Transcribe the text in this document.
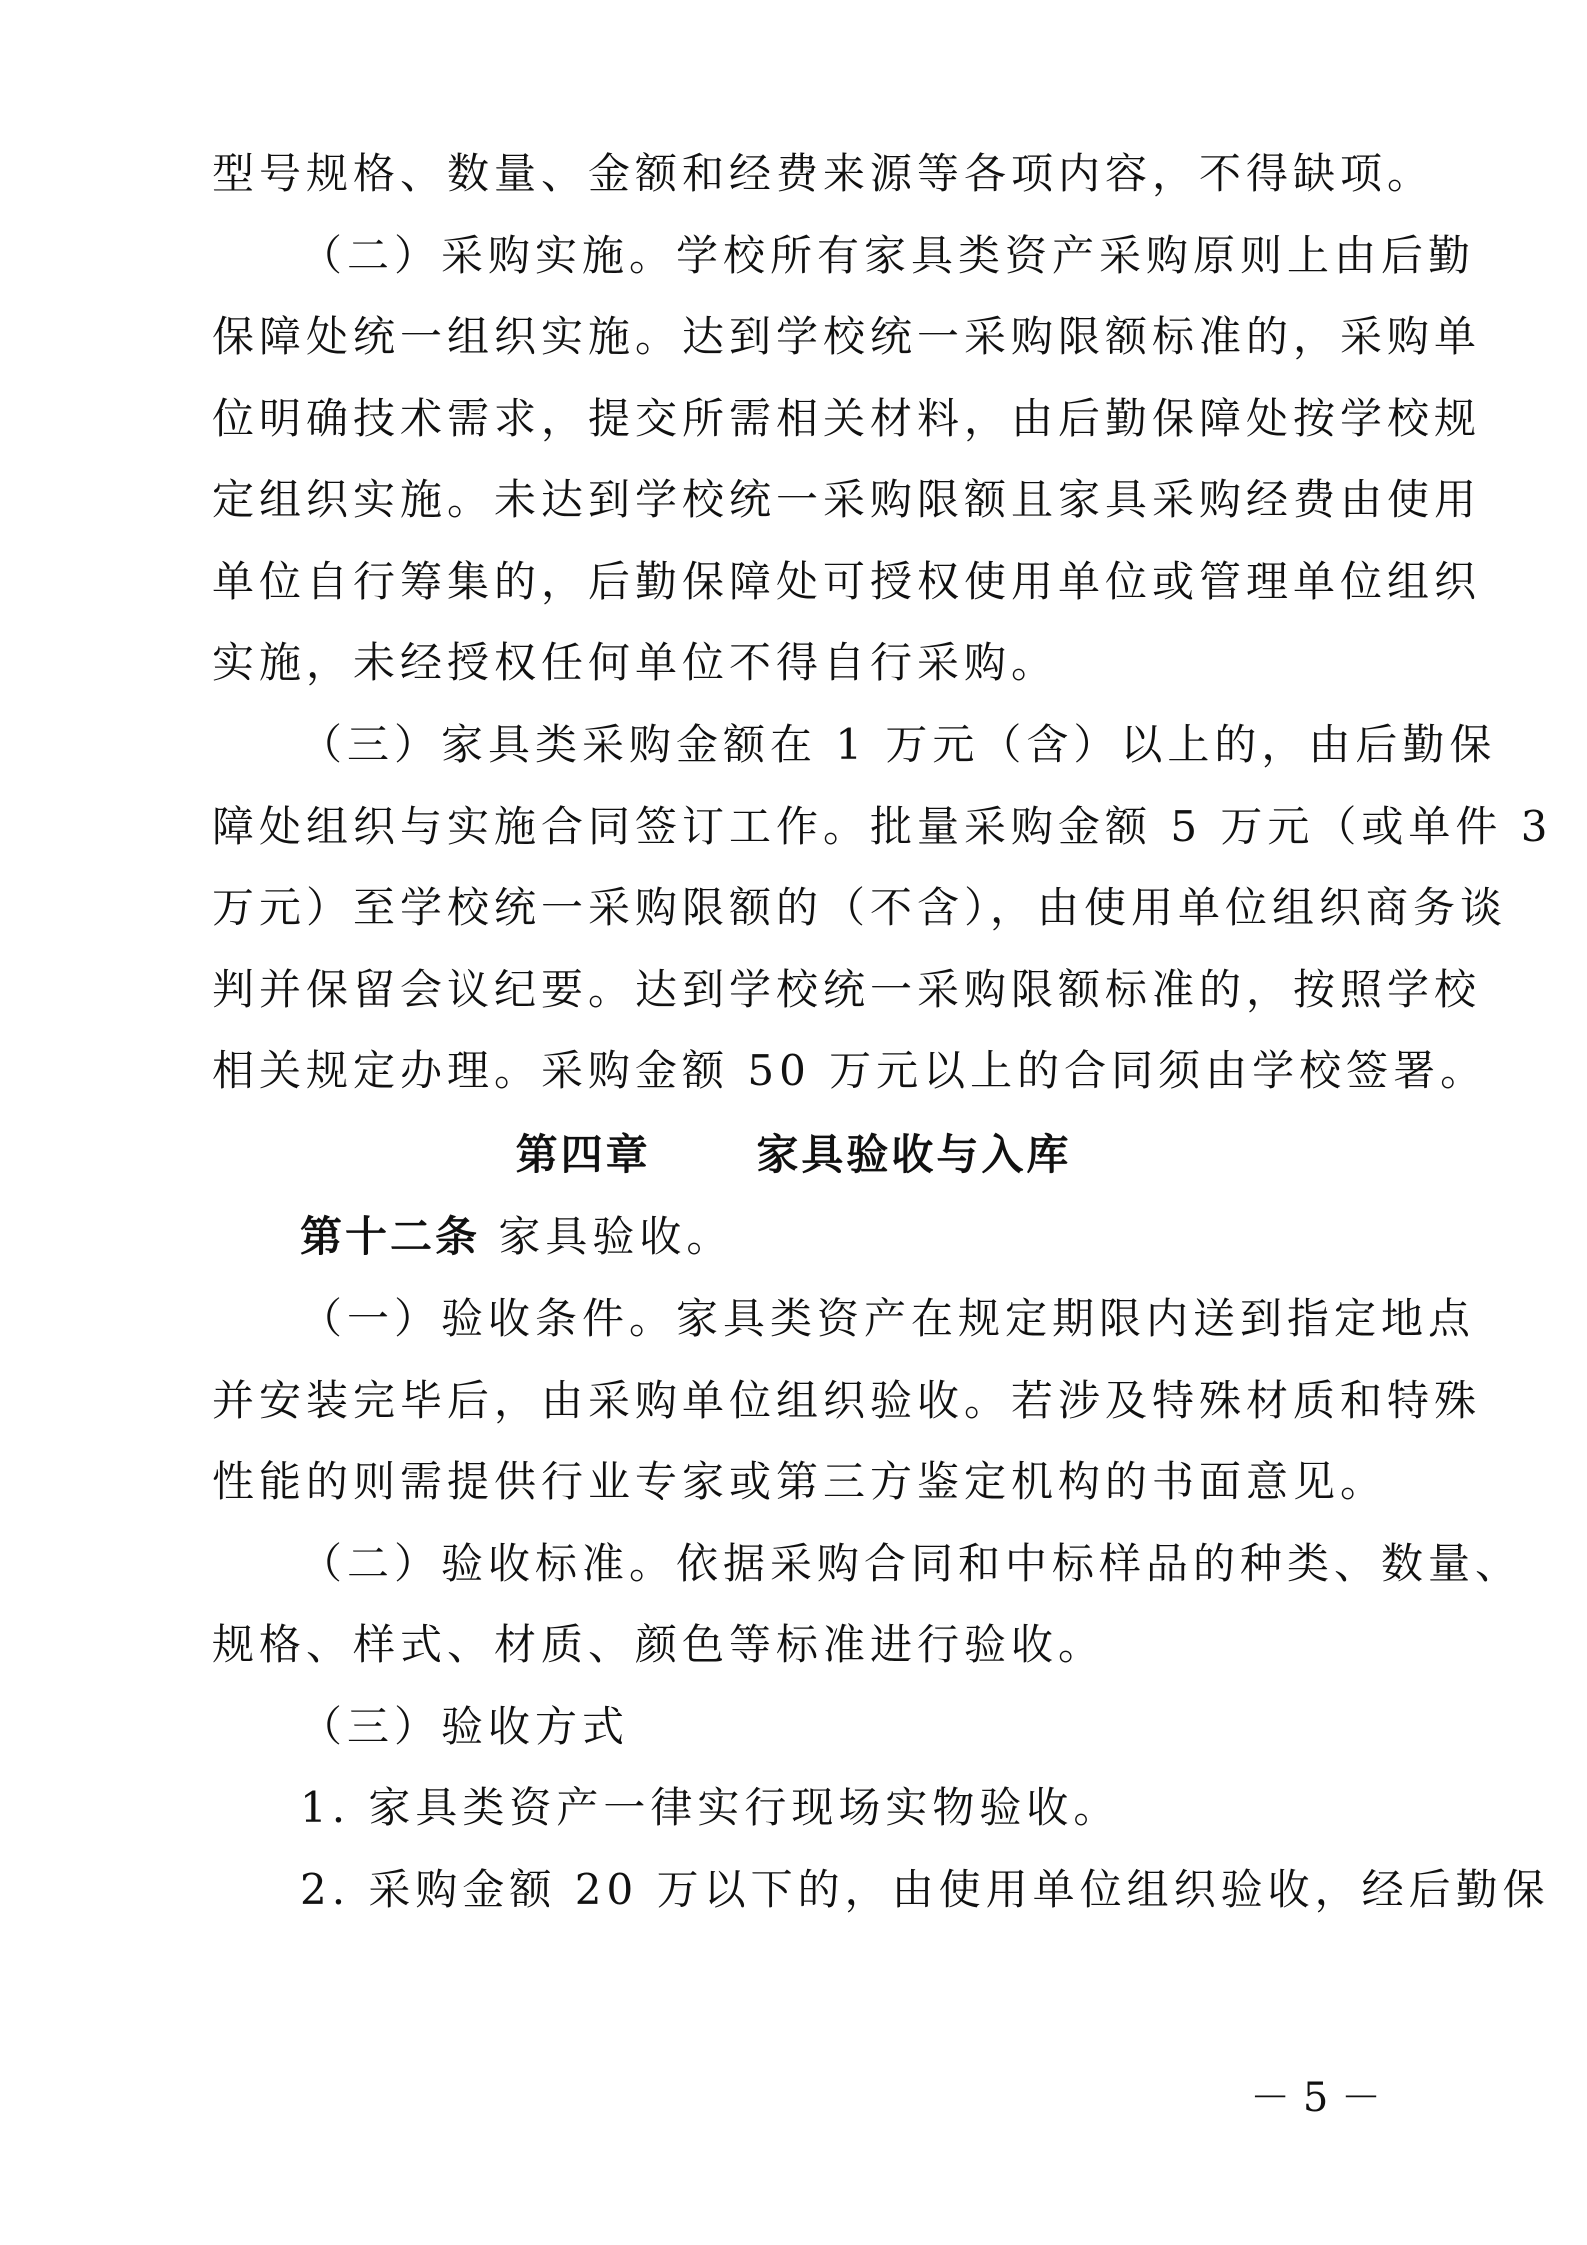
型号规格、数量、金额和经费来源等各项内容，不得缺项。
（二）采购实施。学校所有家具类资产采购原则上由后勤
保障处统一组织实施。达到学校统一采购限额标准的，采购单
位明确技术需求，提交所需相关材料，由后勤保障处按学校规
定组织实施。未达到学校统一采购限额且家具采购经费由使用
单位自行筹集的，后勤保障处可授权使用单位或管理单位组织
实施，未经授权任何单位不得自行采购。
（三）家具类采购金额在 1 万元（含）以上的，由后勤保
障处组织与实施合同签订工作。批量采购金额 5 万元（或单件 3
万元）至学校统一采购限额的（不含），由使用单位组织商务谈
判并保留会议纪要。达到学校统一采购限额标准的，按照学校
相关规定办理。采购金额 50 万元以上的合同须由学校签署。
第四章      家具验收与入库
第十二条 家具验收。
（一）验收条件。家具类资产在规定期限内送到指定地点
并安装完毕后，由采购单位组织验收。若涉及特殊材质和特殊
性能的则需提供行业专家或第三方鉴定机构的书面意见。
（二）验收标准。依据采购合同和中标样品的种类、数量、
规格、样式、材质、颜色等标准进行验收。
（三）验收方式
1. 家具类资产一律实行现场实物验收。
2. 采购金额 20 万以下的，由使用单位组织验收，经后勤保
－ 5 －
